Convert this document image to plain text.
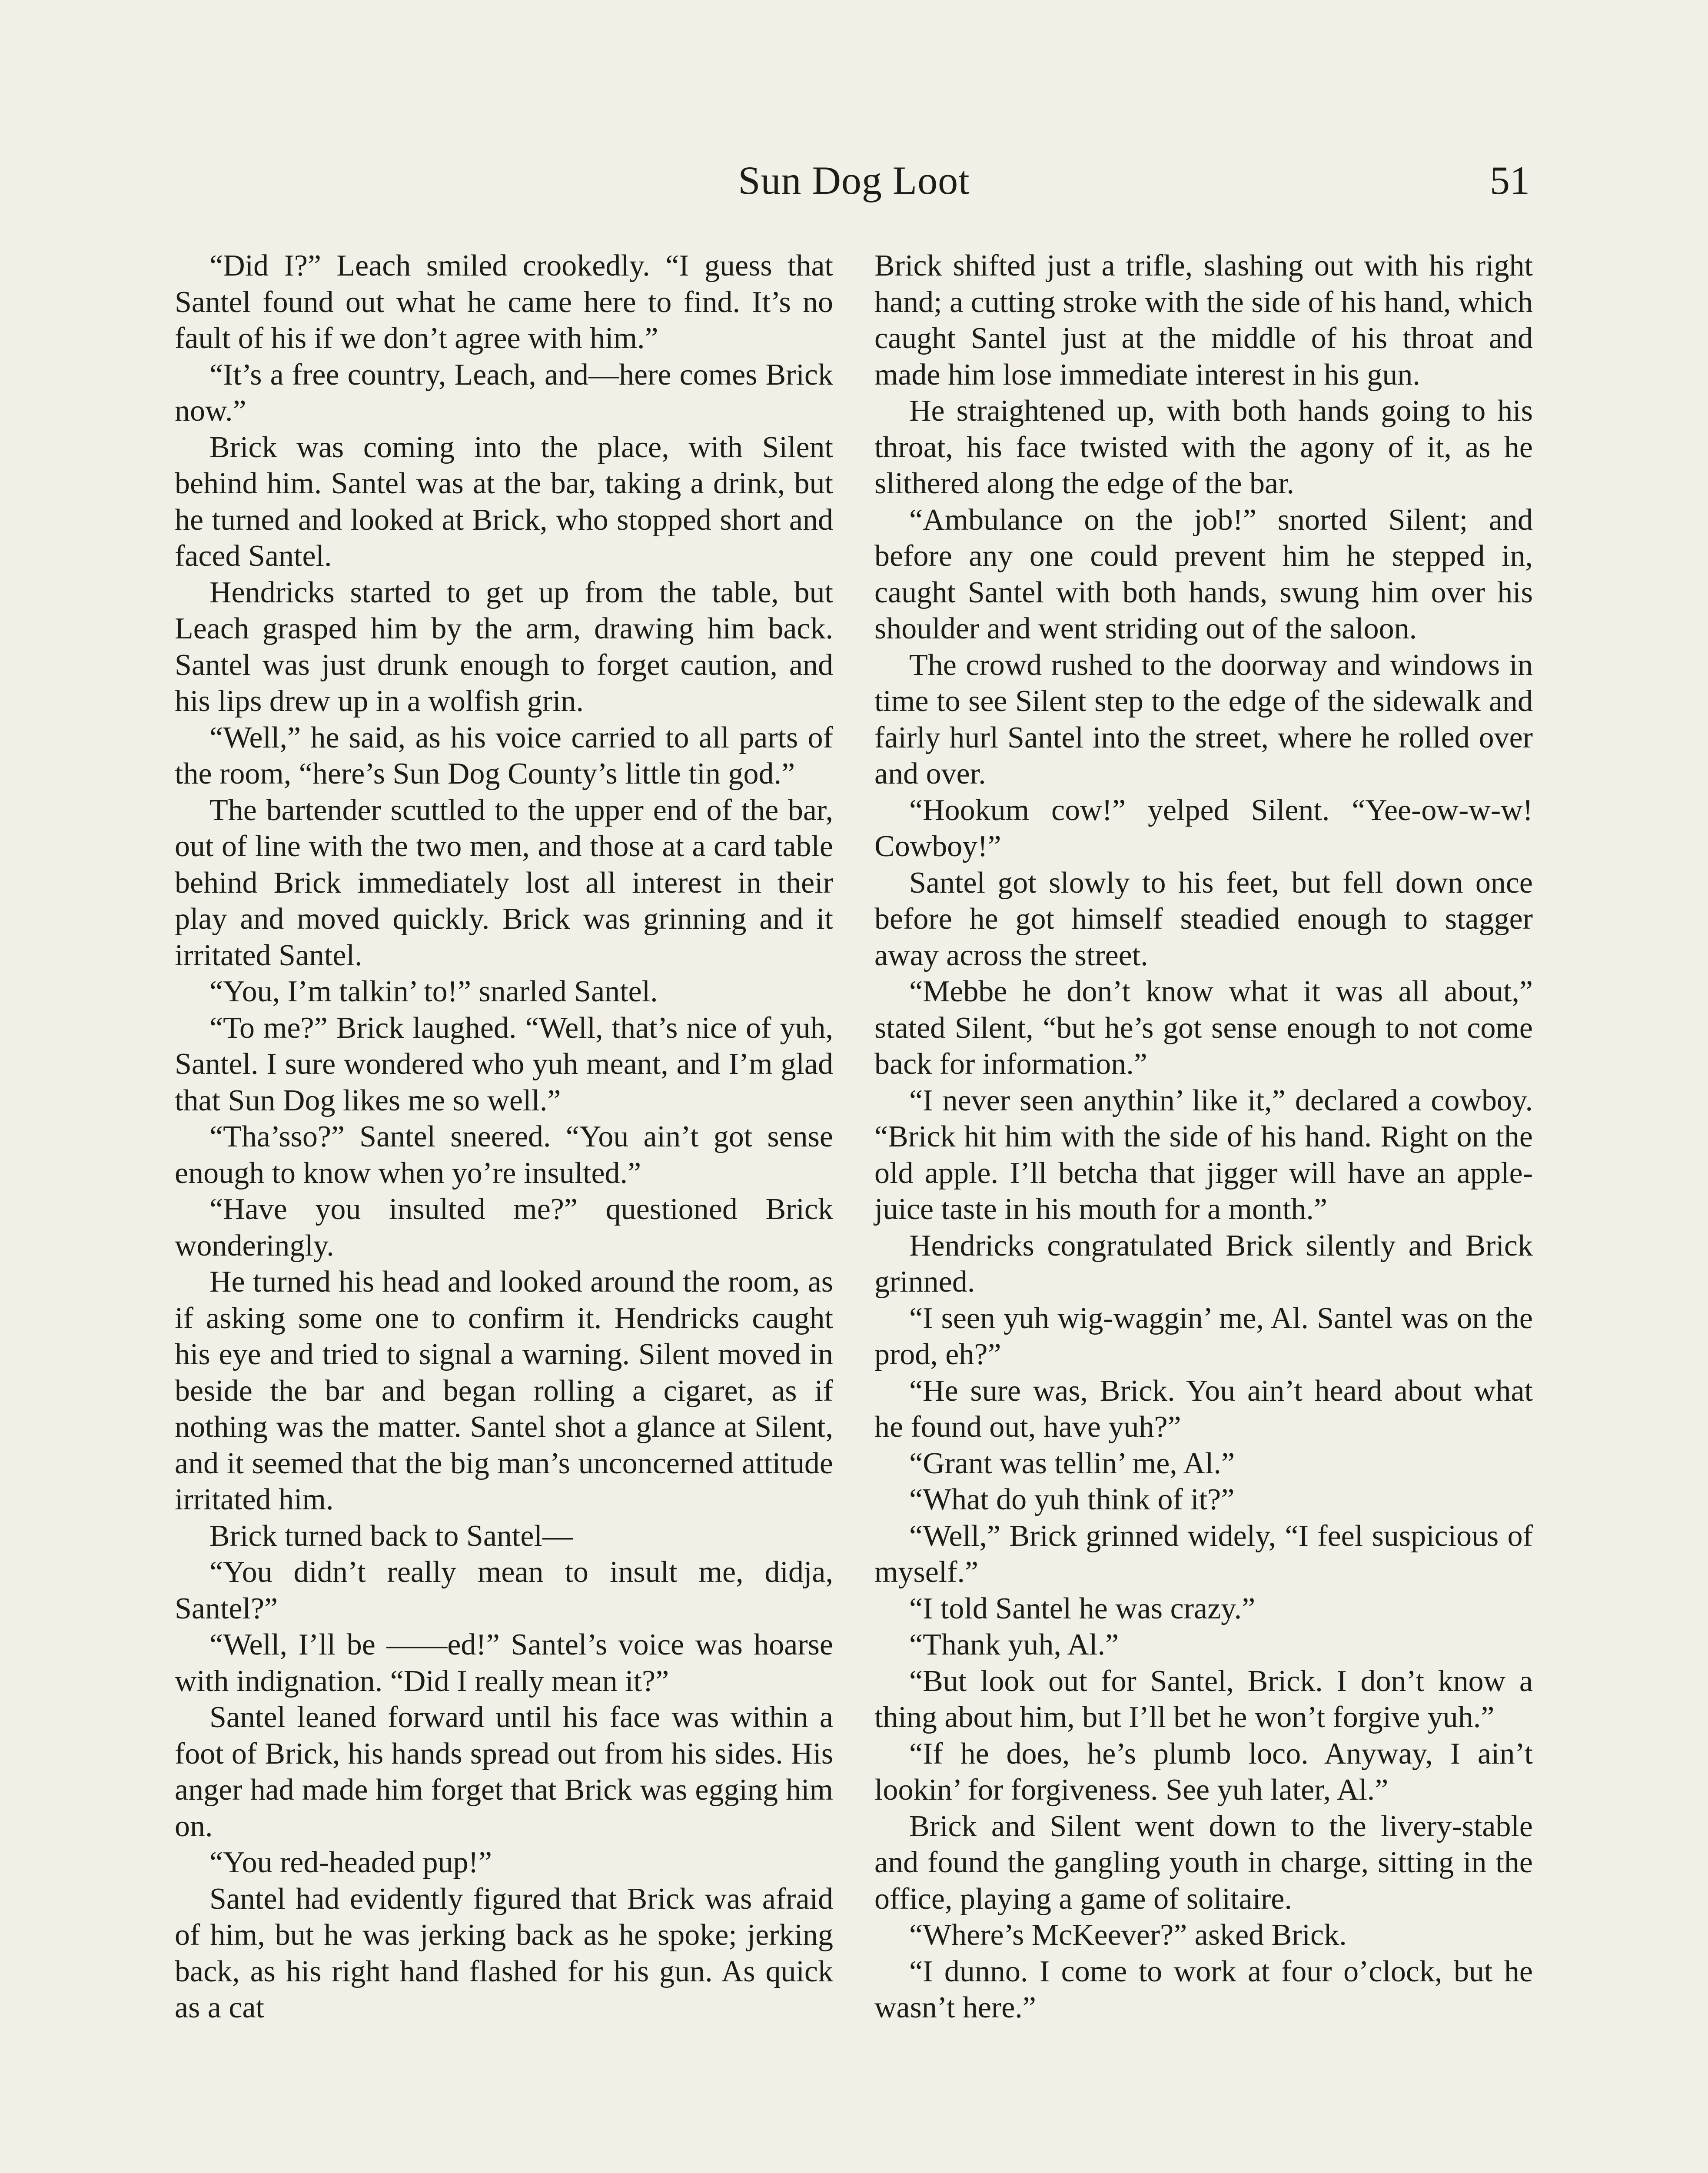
Sun Dog Loot	51

“Did I?” Leach smiled crookedly. “I guess that Santel found out what he came here to find. It’s no fault of his if we don’t agree with him.”

“It’s a free country, Leach, and—here comes Brick now.”

Brick was coming into the place, with Silent behind him. Santel was at the bar, taking a drink, but he turned and looked at Brick, who stopped short and faced Santel.

Hendricks started to get up from the table, but Leach grasped him by the arm, drawing him back. Santel was just drunk enough to forget caution, and his lips drew up in a wolfish grin.

“Well,” he said, as his voice carried to all parts of the room, “here’s Sun Dog County’s little tin god.”

The bartender scuttled to the upper end of the bar, out of line with the two men, and those at a card table behind Brick immediately lost all interest in their play and moved quickly. Brick was grinning and it irritated Santel.

“You, I’m talkin’ to!” snarled Santel.

“To me?” Brick laughed. “Well, that’s nice of yuh, Santel. I sure wondered who yuh meant, and I’m glad that Sun Dog likes me so well.”

“Tha’sso?” Santel sneered. “You ain’t got sense enough to know when yo’re insulted.”

“Have you insulted me?” questioned Brick wonderingly.

He turned his head and looked around the room, as if asking some one to confirm it. Hendricks caught his eye and tried to signal a warning. Silent moved in beside the bar and began rolling a cigaret, as if nothing was the matter. Santel shot a glance at Silent, and it seemed that the big man’s unconcerned attitude irritated him.

Brick turned back to Santel—

“You didn’t really mean to insult me, didja, Santel?”

“Well, I’ll be ——ed!” Santel’s voice was hoarse with indignation. “Did I really mean it?”

Santel leaned forward until his face was within a foot of Brick, his hands spread out from his sides. His anger had made him forget that Brick was egging him on.

“You red-headed pup!”

Santel had evidently figured that Brick was afraid of him, but he was jerking back as he spoke; jerking back, as his right hand flashed for his gun. As quick as a cat

Brick shifted just a trifle, slashing out with his right hand; a cutting stroke with the side of his hand, which caught Santel just at the middle of his throat and made him lose immediate interest in his gun.

He straightened up, with both hands going to his throat, his face twisted with the agony of it, as he slithered along the edge of the bar.

“Ambulance on the job!” snorted Silent; and before any one could prevent him he stepped in, caught Santel with both hands, swung him over his shoulder and went striding out of the saloon.

The crowd rushed to the doorway and windows in time to see Silent step to the edge of the sidewalk and fairly hurl Santel into the street, where he rolled over and over.

“Hookum cow!” yelped Silent. “Yee-ow-w-w! Cowboy!”

Santel got slowly to his feet, but fell down once before he got himself steadied enough to stagger away across the street.

“Mebbe he don’t know what it was all about,” stated Silent, “but he’s got sense enough to not come back for information.”

“I never seen anythin’ like it,” declared a cowboy. “Brick hit him with the side of his hand. Right on the old apple. I’ll betcha that jigger will have an apple-juice taste in his mouth for a month.”

Hendricks congratulated Brick silently and Brick grinned.

“I seen yuh wig-waggin’ me, Al. Santel was on the prod, eh?”

“He sure was, Brick. You ain’t heard about what he found out, have yuh?”

“Grant was tellin’ me, Al.”

“What do yuh think of it?”

“Well,” Brick grinned widely, “I feel suspicious of myself.”

“I told Santel he was crazy.”

“Thank yuh, Al.”

“But look out for Santel, Brick. I don’t know a thing about him, but I’ll bet he won’t forgive yuh.”

“If he does, he’s plumb loco. Anyway, I ain’t lookin’ for forgiveness. See yuh later, Al.”

Brick and Silent went down to the livery-stable and found the gangling youth in charge, sitting in the office, playing a game of solitaire.

“Where’s McKeever?” asked Brick.

“I dunno. I come to work at four o’clock, but he wasn’t here.”
